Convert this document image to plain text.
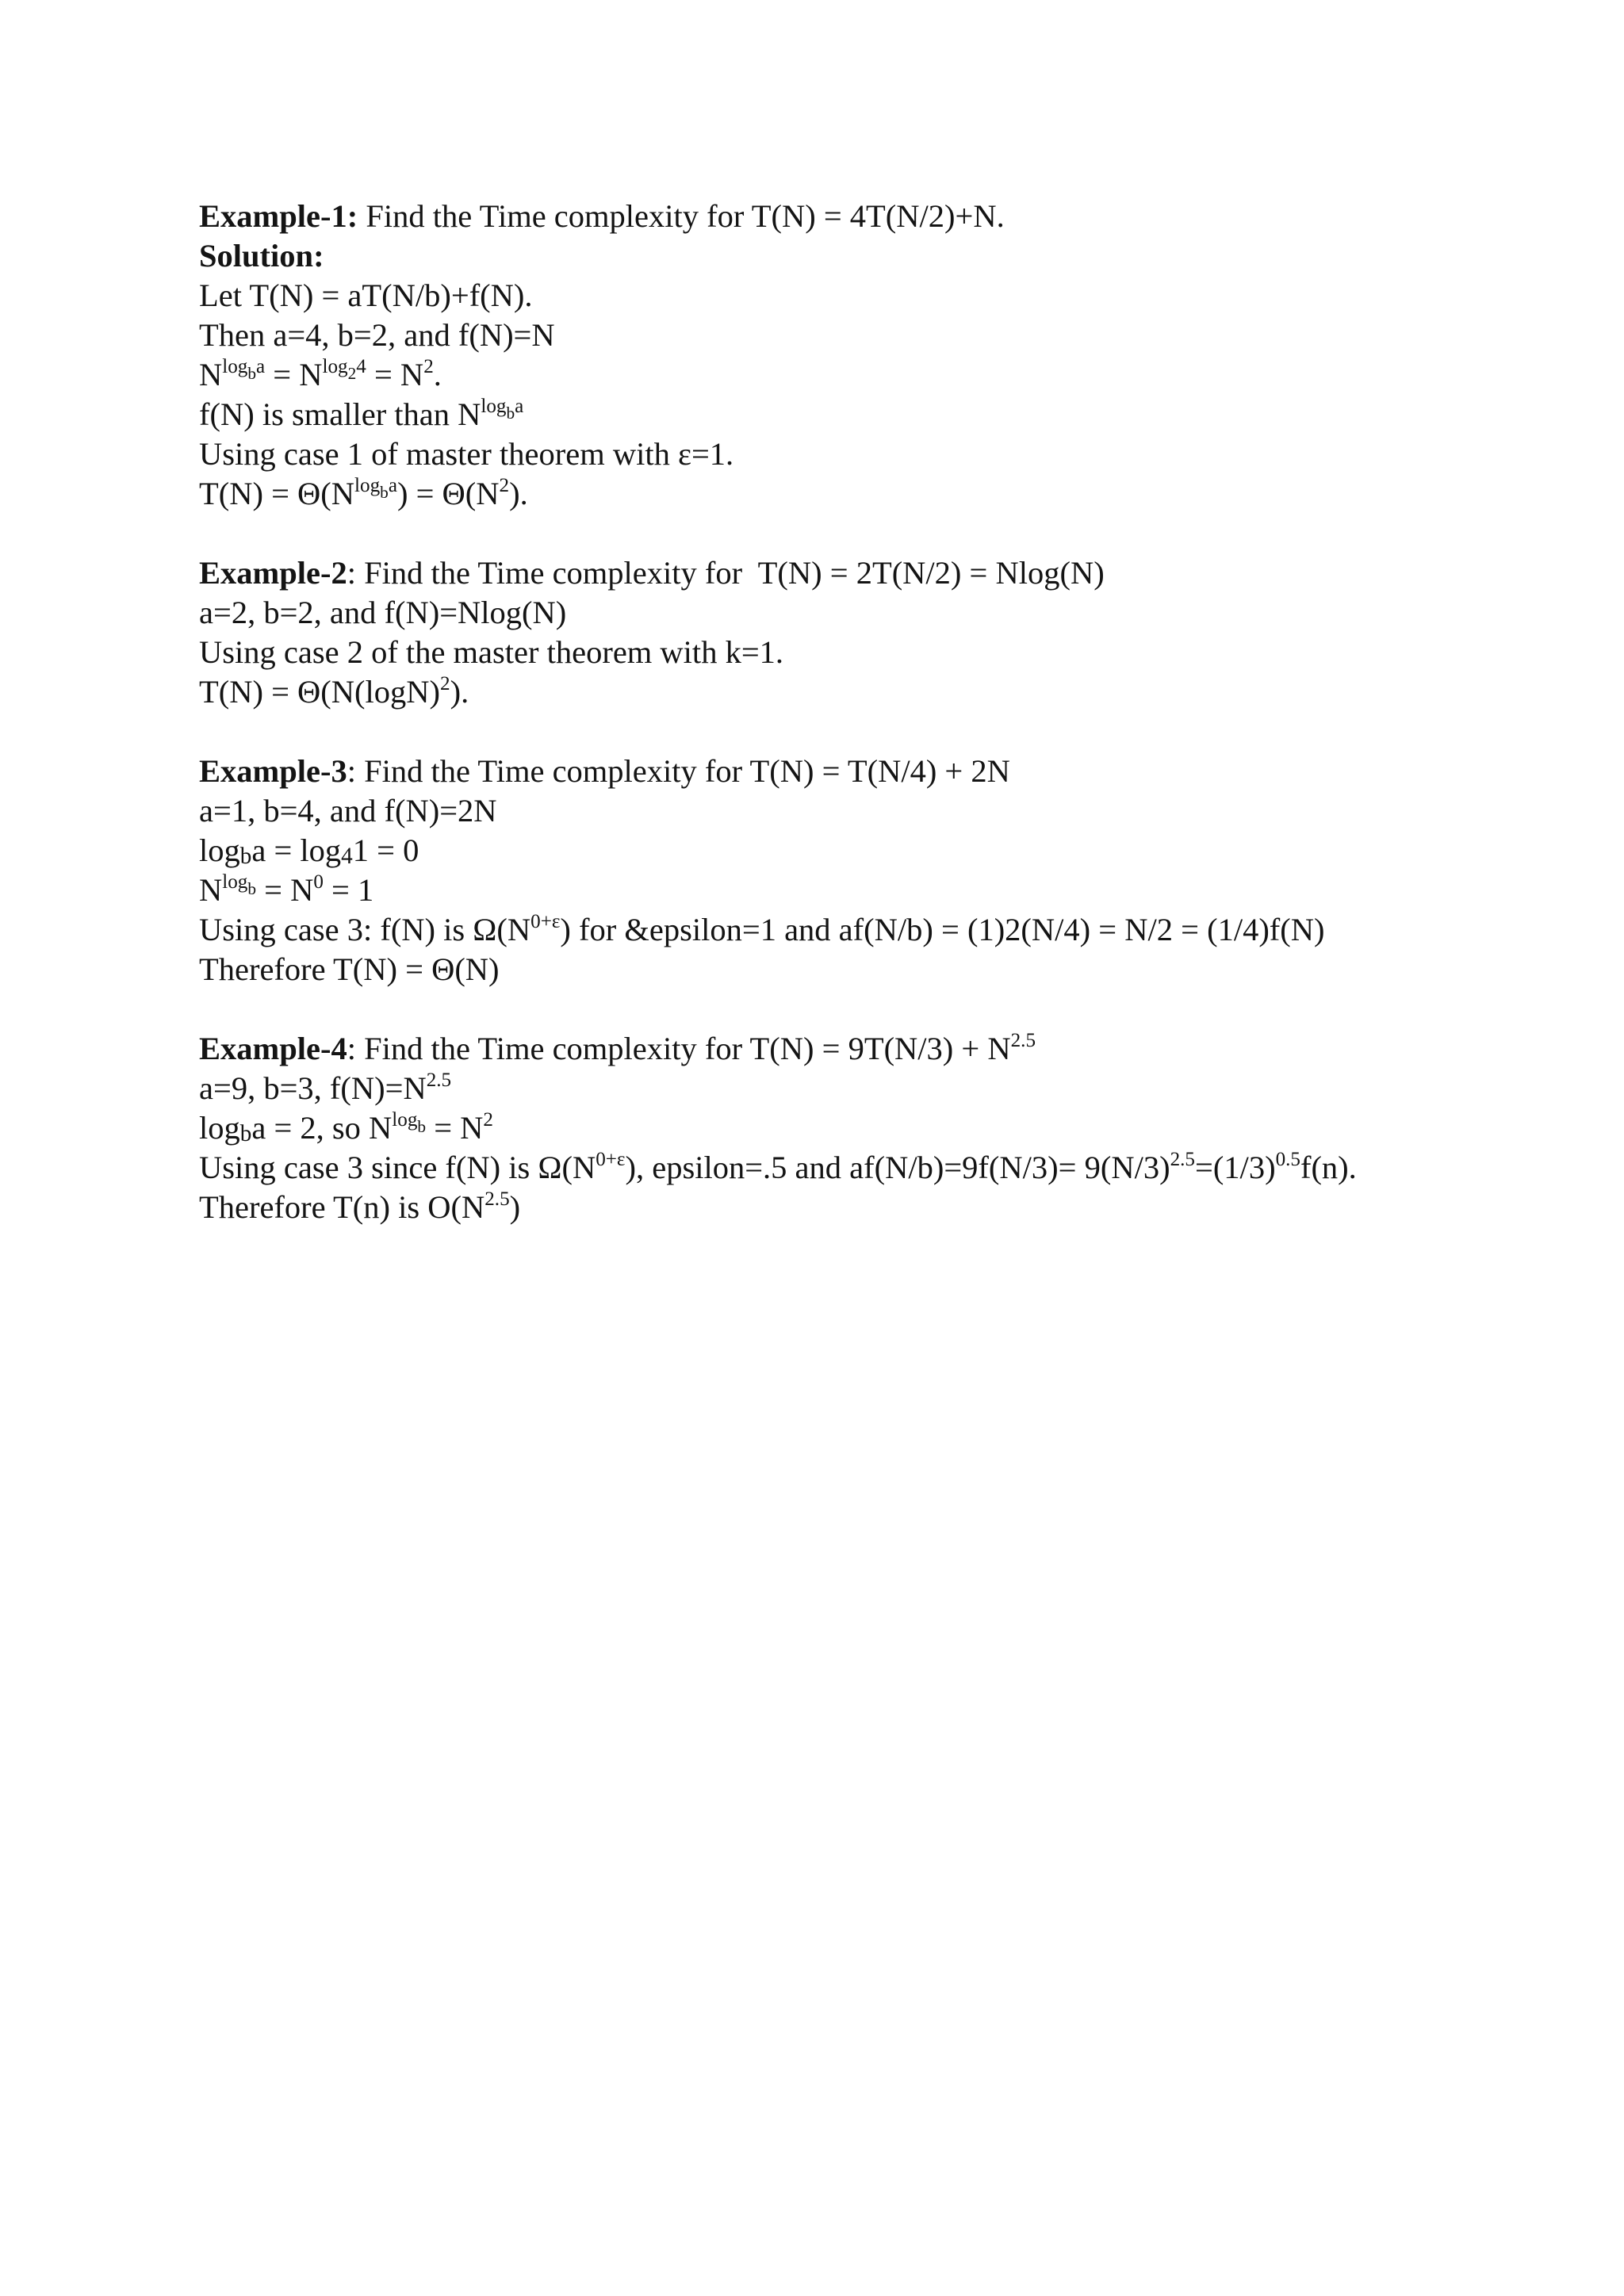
Example-1: Find the Time complexity for T(N) = 4T(N/2)+N.
Solution:
Let T(N) = aT(N/b)+f(N).
Then a=4, b=2, and f(N)=N
$N^{log_ba} = N^{log_24} = N^2$.
f(N) is smaller than $N^{log_ba}$
Using case 1 of master theorem with ε=1.
$T(N) = \Theta(N^{log_ba}) = \Theta(N^2)$.
Example-2: Find the Time complexity for  T(N) = 2T(N/2) = Nlog(N)
a=2, b=2, and f(N)=Nlog(N)
Using case 2 of the master theorem with k=1.
$T(N) = \Theta(N(\log N)^2)$.
Example-3: Find the Time complexity for T(N) = T(N/4) + 2N
a=1, b=4, and f(N)=2N
logba = log41 = 0
$N^{log_b} = N^0 = 1$
Using case 3: f(N) is $\Omega(N^{0+\varepsilon})$ for &epsilon=1 and af(N/b) = (1)2(N/4) = N/2 = (1/4)f(N)
Therefore T(N) = Θ(N)
Example-4: Find the Time complexity for $T(N) = 9T(N/3) + N^{2.5}$
a=9, b=3, $f(N)=N^{2.5}$
logba = 2, so $N^{log_b} = N^2$
Using case 3 since f(N) is $\Omega(N^{0+\varepsilon})$, epsilon=.5 and $af(N/b)=9f(N/3)= 9(N/3)^{2.5}=(1/3)^{0.5}f(n)$.
Therefore T(n) is $O(N^{2.5})$
